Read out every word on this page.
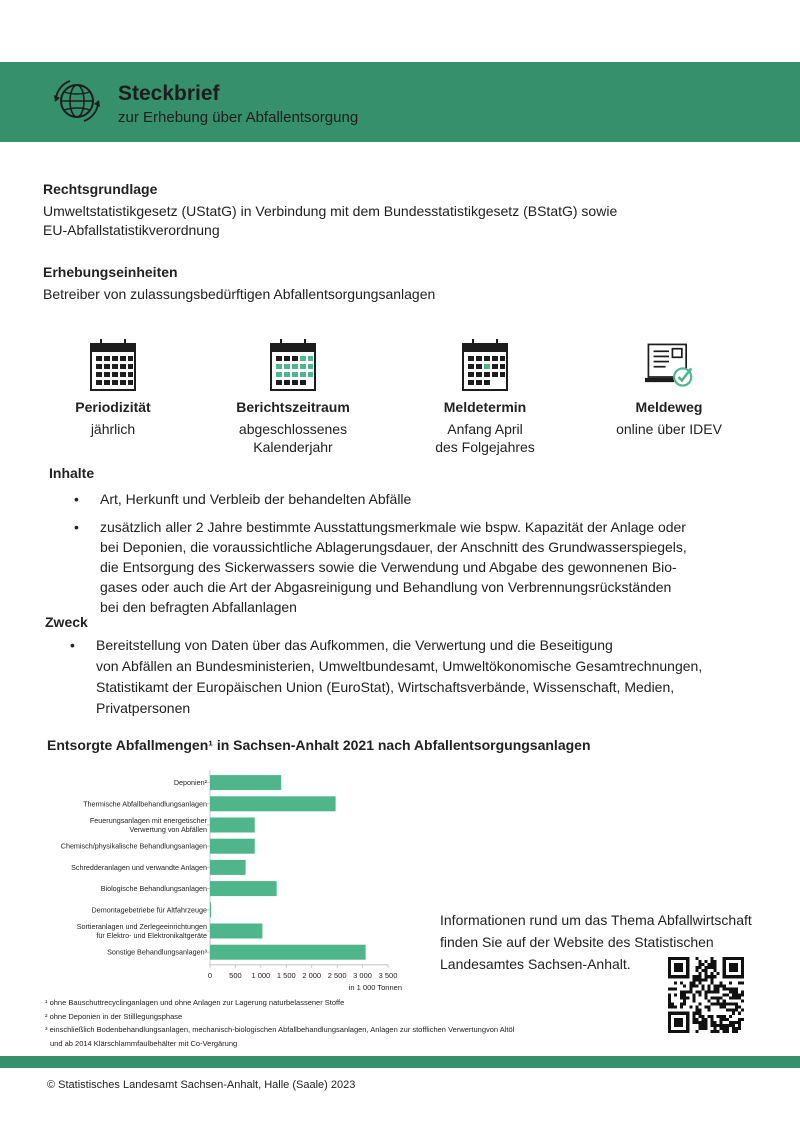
Steckbrief
zur Erhebung über Abfallentsorgung
Rechtsgrundlage
Umweltstatistikgesetz (UStatG) in Verbindung mit dem Bundesstatistikgesetz (BStatG) sowie
EU-Abfallstatistikverordnung
Erhebungseinheiten
Betreiber von zulassungsbedürftigen Abfallentsorgungsanlagen
Periodizität
jährlich
Berichtszeitraum
abgeschlossenes
Kalenderjahr
Meldetermin
Anfang April
des Folgejahres
Meldeweg
online über IDEV
Inhalte
• Art, Herkunft und Verbleib der behandelten Abfälle
• zusätzlich aller 2 Jahre bestimmte Ausstattungsmerkmale wie bspw. Kapazität der Anlage oder
bei Deponien, die voraussichtliche Ablagerungsdauer, der Anschnitt des Grundwasserspiegels,
die Entsorgung des Sickerwassers sowie die Verwendung und Abgabe des gewonnenen Bio-
gases oder auch die Art der Abgasreinigung und Behandlung von Verbrennungsrückständen
bei den befragten Abfallanlagen
Zweck
• Bereitstellung von Daten über das Aufkommen, die Verwertung und die Beseitigung
von Abfällen an Bundesministerien, Umweltbundesamt, Umweltökonomische Gesamtrechnungen,
Statistikamt der Europäischen Union (EuroStat), Wirtschaftsverbände, Wissenschaft, Medien,
Privatpersonen
Entsorgte Abfallmengen¹ in Sachsen-Anhalt 2021 nach Abfallentsorgungsanlagen
Deponien²
Thermische Abfallbehandlungsanlagen
Feuerungsanlagen mit energetischer Verwertung von Abfällen
Chemisch/physikalische Behandlungsanlagen
Schredderanlagen und verwandte Anlagen
Biologische Behandlungsanlagen
Demontagebetriebe für Altfahrzeuge
Sortieranlagen und Zerlegeeinrichtungen für Elektro- und Elektronikaltgeräte
Sonstige Behandlungsanlagen³
0 500 1 000 1 500 2 000 2 500 3 000 3 500
in 1 000 Tonnen
¹ ohne Bauschuttrecyclinganlagen und ohne Anlagen zur Lagerung naturbelassener Stoffe
² ohne Deponien in der Stilllegungsphase
³ einschließlich Bodenbehandlungsanlagen, mechanisch-biologischen Abfallbehandlungsanlagen, Anlagen zur stofflichen Verwertungvon Altöl
und ab 2014 Klärschlammfaulbehälter mit Co-Vergärung
Informationen rund um das Thema Abfallwirtschaft
finden Sie auf der Website des Statistischen
Landesamtes Sachsen-Anhalt.
© Statistisches Landesamt Sachsen-Anhalt, Halle (Saale) 2023
